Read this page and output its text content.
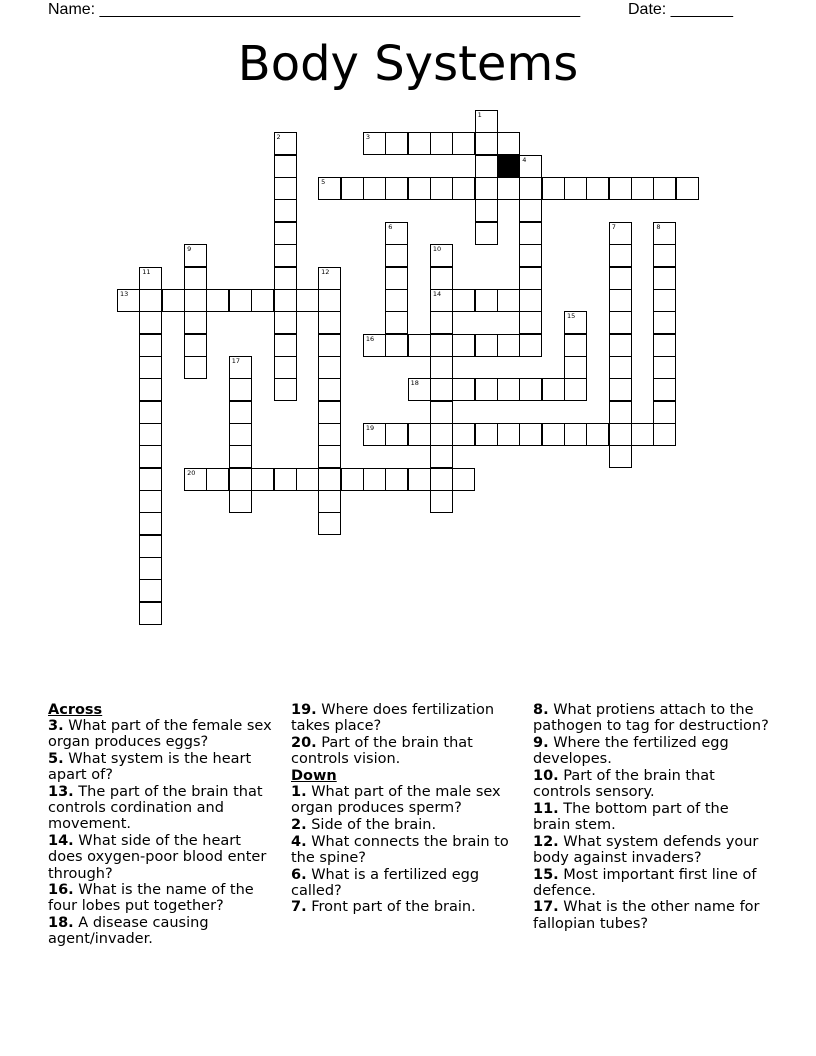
Name: ______________________________________________________	Date: _______
Body Systems
1
2	3
4
5
6	7	8
9	10
14
11	12
13
15
16
17
18
19
20
Across
3. What part of the female sex organ produces eggs?
5. What system is the heart apart of?
13. The part of the brain that controls cordination and movement.
14. What side of the heart does oxygen-poor blood enter through?
16. What is the name of the four lobes put together?
18. A disease causing agent/invader.
19. Where does fertilization takes place?
20. Part of the brain that controls vision.
Down
1. What part of the male sex organ produces sperm?
2. Side of the brain.
4. What connects the brain to the spine?
6. What is a fertilized egg called?
7. Front part of the brain.
8. What protiens attach to the pathogen to tag for destruction?
9. Where the fertilized egg developes.
10. Part of the brain that controls sensory.
11. The bottom part of the brain stem.
12. What system defends your body against invaders?
15. Most important first line of defence.
17. What is the other name for fallopian tubes?
